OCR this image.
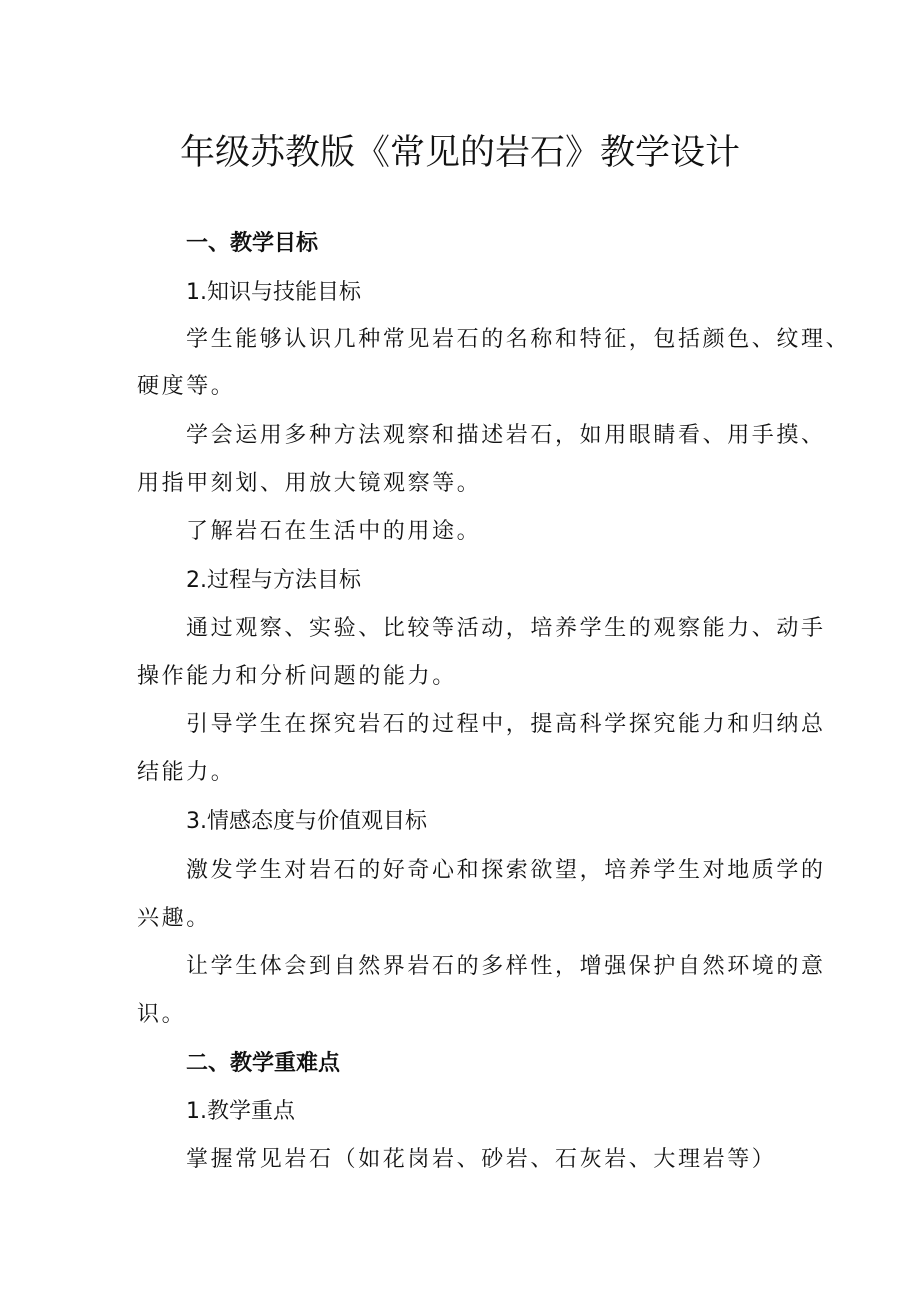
年级苏教版《常见的岩石》教学设计
一、教学目标
1.知识与技能目标
学生能够认识几种常见岩石的名称和特征，包括颜色、纹理、
硬度等。
学会运用多种方法观察和描述岩石，如用眼睛看、用手摸、
用指甲刻划、用放大镜观察等。
了解岩石在生活中的用途。
2.过程与方法目标
通过观察、实验、比较等活动，培养学生的观察能力、动手
操作能力和分析问题的能力。
引导学生在探究岩石的过程中，提高科学探究能力和归纳总
结能力。
3.情感态度与价值观目标
激发学生对岩石的好奇心和探索欲望，培养学生对地质学的
兴趣。
让学生体会到自然界岩石的多样性，增强保护自然环境的意
识。
二、教学重难点
1.教学重点
掌握常见岩石（如花岗岩、砂岩、石灰岩、大理岩等）
